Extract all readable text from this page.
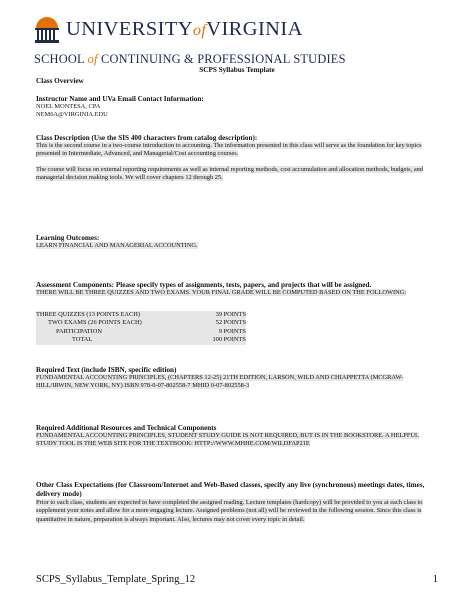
UNIVERSITYofVIRGINIA
SCHOOL of CONTINUING & PROFESSIONAL STUDIES
SCPS Syllabus Template
Class Overview
Instructor Name and UVa Email Contact Information:
NOEL MONTESA, CPA
NEM6A@VIRGINIA.EDU
Class Description (Use the SIS 400 characters from catalog description):
This is the second course in a two-course introduction to accounting. The information presented in this class will serve as the foundation for key topics presented in Intermediate, Advanced, and Managerial/Cost accounting courses.
The course will focus on external reporting requirements as well as internal reporting methods, cost accumulation and allocation methods, budgets, and managerial decision making tools. We will cover chapters 12 through 25.
Learning Outcomes:
LEARN FINANCIAL AND MANAGERIAL ACCOUNTING.
Assessment Components: Please specify types of assignments, tests, papers, and projects that will be assigned.
THERE WILL BE THREE QUIZZES AND TWO EXAMS. YOUR FINAL GRADE WILL BE COMPUTED BASED ON THE FOLLOWING:
THREE QUIZZES (13 POINTS EACH)	39 POINTS
TWO EXAMS (26 POINTS EACH)	52 POINTS
PARTICIPATION	9 POINTS
TOTAL	100 POINTS
Required Text (include ISBN, specific edition)
FUNDAMENTAL ACCOUNTING PRINCIPLES, (CHAPTERS 12-25) 21TH EDITION, LARSON, WILD AND CHIAPPETTA (MCGRAW-HILL/IRWIN, NEW YORK, NY) ISBN 978-0-07-802558-7 MHID 0-07-802558-3
Required Additional Resources and Technical Components
FUNDAMENTAL ACCOUNTING PRINCIPLES, STUDENT STUDY GUIDE IS NOT REQUIRED, BUT IS IN THE BOOKSTORE. A HELPFUL STUDY TOOL IS THE WEB SITE FOR THE TEXTBOOK: HTTP://WWW.MHHE.COM/WILDFAP21E
Other Class Expectations (for Classroom/Internet and Web-Based classes, specify any live (synchronous) meetings dates, times, delivery mode)
Prior to each class, students are expected to have completed the assigned reading. Lecture templates (hardcopy) will be provided to you at each class to supplement your notes and allow for a more engaging lecture. Assigned problems (not all) will be reviewed in the following session. Since this class is quantitative in nature, preparation is always important. Also, lectures may not cover every topic in detail.
SCPS_Syllabus_Template_Spring_12	1
